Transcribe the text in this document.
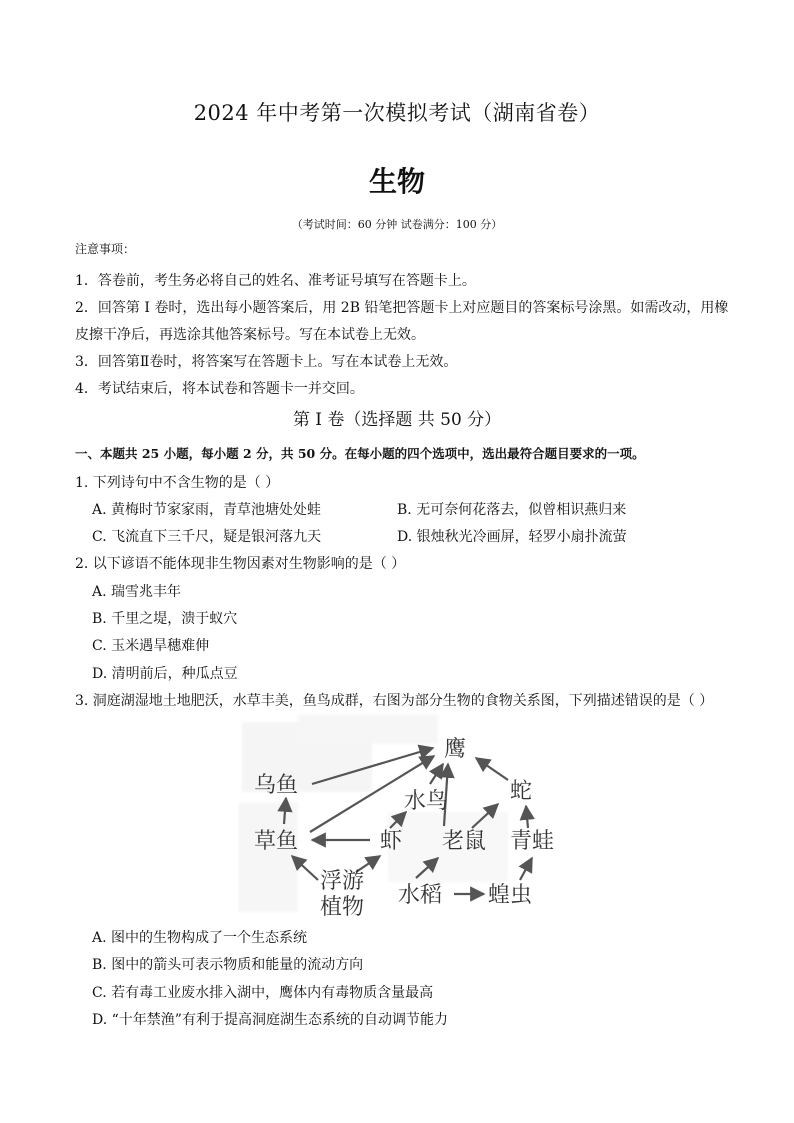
2024 年中考第一次模拟考试（湖南省卷）
生物
（考试时间：60 分钟 试卷满分：100 分）
注意事项：
1．答卷前，考生务必将自己的姓名、准考证号填写在答题卡上。
2．回答第 I 卷时，选出每小题答案后，用 2B 铅笔把答题卡上对应题目的答案标号涂黑。如需改动，用橡
皮擦干净后，再选涂其他答案标号。写在本试卷上无效。
3．回答第Ⅱ卷时，将答案写在答题卡上。写在本试卷上无效。
4．考试结束后，将本试卷和答题卡一并交回。
第 I 卷（选择题 共 50 分）
一、本题共 25 小题，每小题 2 分，共 50 分。在每小题的四个选项中，选出最符合题目要求的一项。
1. 下列诗句中不含生物的是（ ）
A. 黄梅时节家家雨，青草池塘处处蛙	B. 无可奈何花落去，似曾相识燕归来
C. 飞流直下三千尺，疑是银河落九天	D. 银烛秋光冷画屏，轻罗小扇扑流萤
2. 以下谚语不能体现非生物因素对生物影响的是（ ）
A. 瑞雪兆丰年
B. 千里之堤，溃于蚁穴
C. 玉米遇旱穗难伸
D. 清明前后，种瓜点豆
3. 洞庭湖湿地土地肥沃，水草丰美，鱼鸟成群，右图为部分生物的食物关系图，下列描述错误的是（ ）
鹰
乌鱼
水鸟	蛇
草鱼	虾 老鼠 青蛙
浮游
植物 水稻 蝗虫
A. 图中的生物构成了一个生态系统
B. 图中的箭头可表示物质和能量的流动方向
C. 若有毒工业废水排入湖中，鹰体内有毒物质含量最高
D. “十年禁渔”有利于提高洞庭湖生态系统的自动调节能力
